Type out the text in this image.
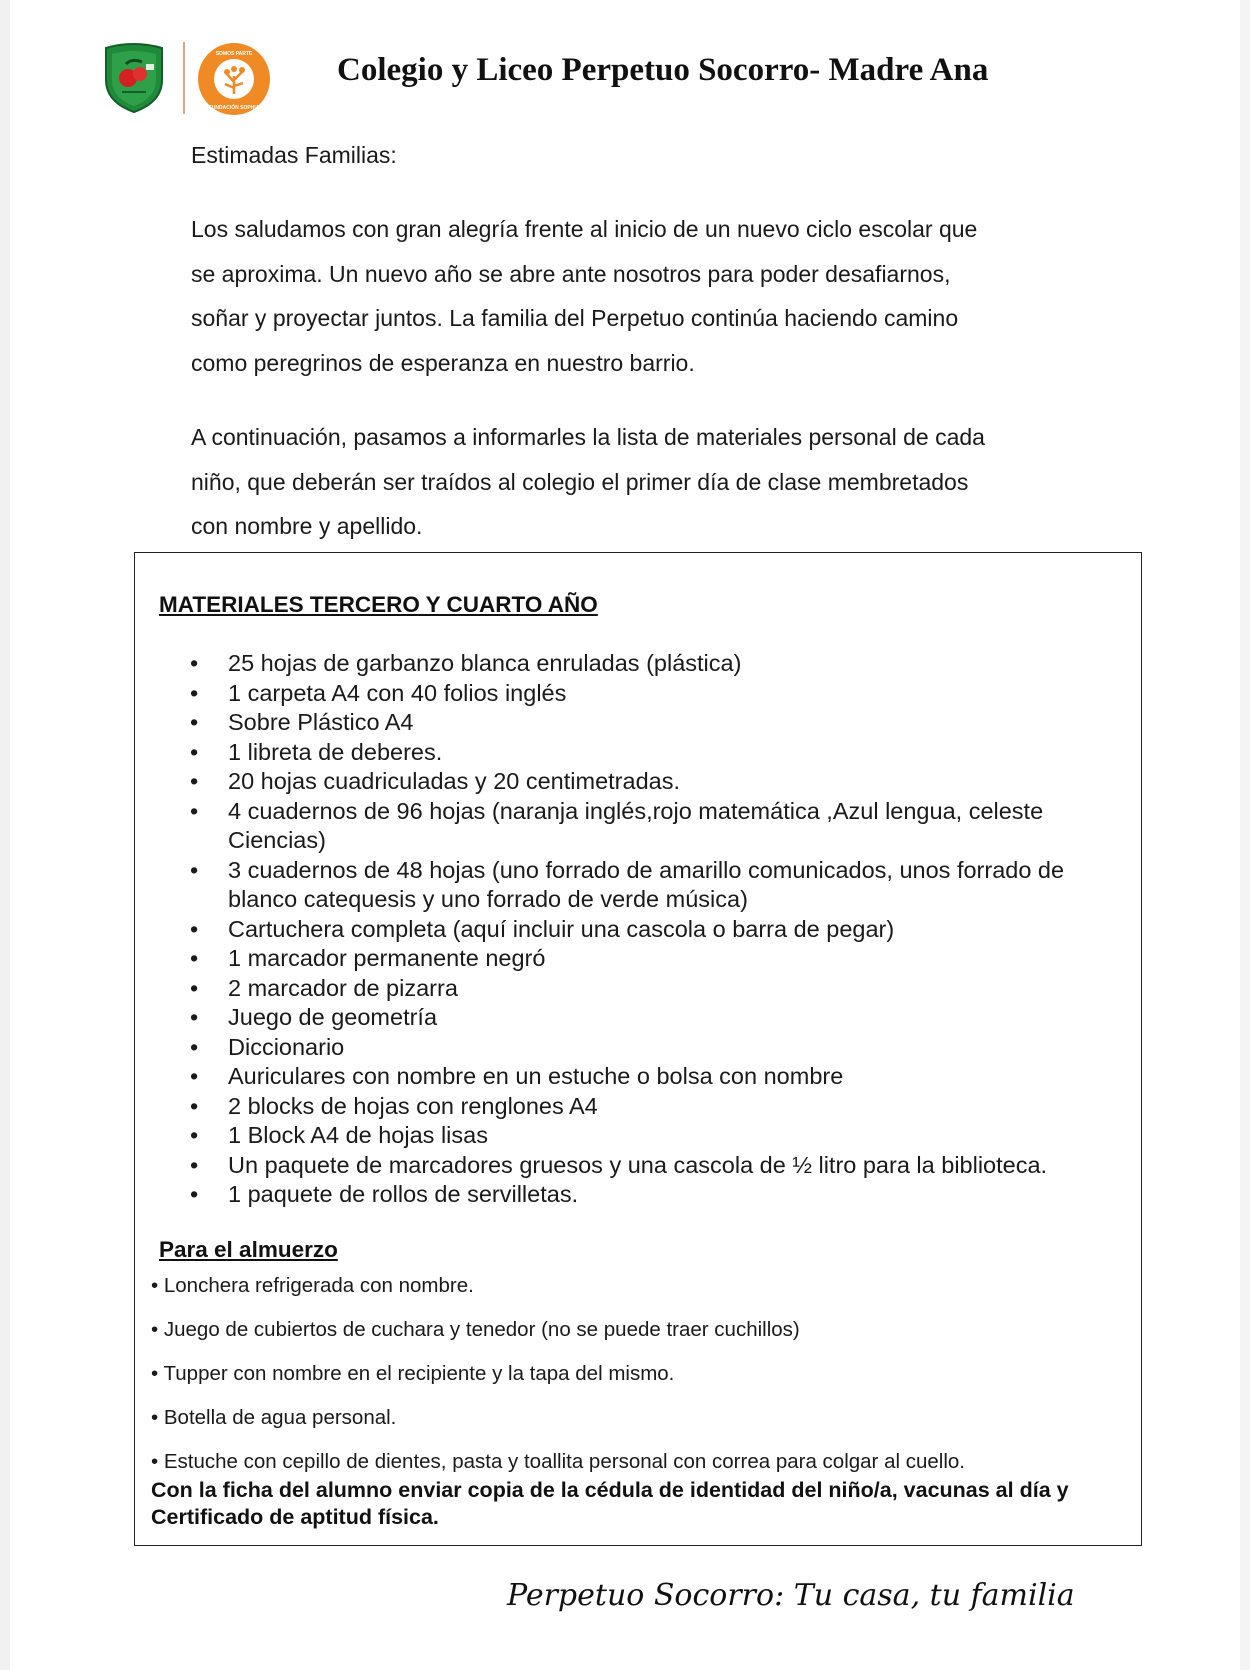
SOMOS PARTE
FUNDACIÓN SOPHIA
Colegio y Liceo Perpetuo Socorro- Madre Ana
Estimadas Familias:
Los saludamos con gran alegría frente al inicio de un nuevo ciclo escolar que
se aproxima. Un nuevo año se abre ante nosotros para poder desafiarnos,
soñar y proyectar juntos. La familia del Perpetuo continúa haciendo camino
como peregrinos de esperanza en nuestro barrio.
A continuación, pasamos a informarles la lista de materiales personal de cada
niño, que deberán ser traídos al colegio el primer día de clase membretados
con nombre y apellido.
MATERIALES TERCERO Y CUARTO AÑO
• 25 hojas de garbanzo blanca enruladas (plástica)
• 1 carpeta A4 con 40 folios inglés
• Sobre Plástico A4
• 1 libreta de deberes.
• 20 hojas cuadriculadas y 20 centimetradas.
• 4 cuadernos de 96 hojas (naranja inglés,rojo matemática ,Azul lengua, celeste Ciencias)
• 3 cuadernos de 48 hojas (uno forrado de amarillo comunicados, unos forrado de blanco catequesis y uno forrado de verde música)
• Cartuchera completa (aquí incluir una cascola o barra de pegar)
• 1 marcador permanente negró
• 2 marcador de pizarra
• Juego de geometría
• Diccionario
• Auriculares con nombre en un estuche o bolsa con nombre
• 2 blocks de hojas con renglones A4
• 1 Block A4 de hojas lisas
• Un paquete de marcadores gruesos y una cascola de ½ litro para la biblioteca.
• 1 paquete de rollos de servilletas.
Para el almuerzo
• Lonchera refrigerada con nombre.
• Juego de cubiertos de cuchara y tenedor (no se puede traer cuchillos)
• Tupper con nombre en el recipiente y la tapa del mismo.
• Botella de agua personal.
• Estuche con cepillo de dientes, pasta y toallita personal con correa para colgar al cuello.
Con la ficha del alumno enviar copia de la cédula de identidad del niño/a, vacunas al día y Certificado de aptitud física.
Perpetuo Socorro: Tu casa, tu familia
